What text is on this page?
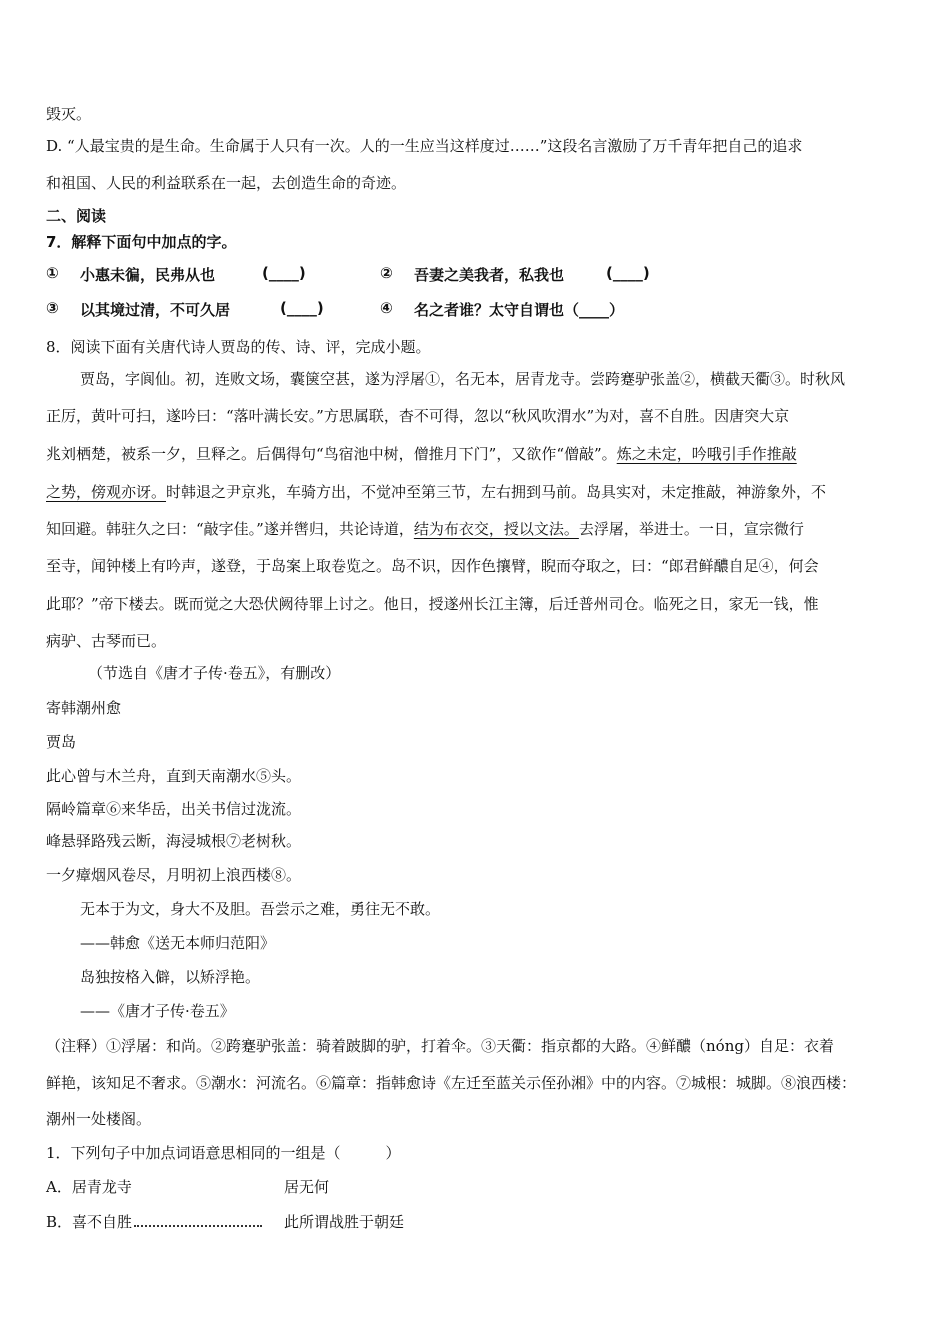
毁灭。
D. “人最宝贵的是生命。生命属于人只有一次。人的一生应当这样度过……”这段名言激励了万千青年把自己的追求
和祖国、人民的利益联系在一起，去创造生命的奇迹。
二、阅读
7．解释下面句中加点的字。
① 小惠未徧，民弗从也	(____)	② 吾妻之美我者，私我也	(____)
③ 以其境过清，不可久居	(____)	④ 名之者谁？太守自谓也（____）
8．阅读下面有关唐代诗人贾岛的传、诗、评，完成小题。
贾岛，字阆仙。初，连败文场，囊箧空甚，遂为浮屠①，名无本，居青龙寺。尝跨蹇驴张盖②，横截天衢③。时秋风
正厉，黄叶可扫，遂吟曰：“落叶满长安。”方思属联，杳不可得，忽以“秋风吹渭水”为对，喜不自胜。因唐突大京
兆刘栖楚，被系一夕，旦释之。后偶得句“鸟宿池中树，僧推月下门”，又欲作“僧敲”。炼之未定，吟哦引手作推敲
之势，傍观亦讶。时韩退之尹京兆，车骑方出，不觉冲至第三节，左右拥到马前。岛具实对，未定推敲，神游象外，不
知回避。韩驻久之曰：“敲字佳。”遂并辔归，共论诗道，结为布衣交，授以文法。去浮屠，举进士。一日，宣宗微行
至寺，闻钟楼上有吟声，遂登，于岛案上取卷览之。岛不识，因作色攘臂，睨而夺取之，曰：“郎君鲜醲自足④，何会
此耶？”帝下楼去。既而觉之大恐伏阙待罪上讨之。他日，授遂州长江主簿，后迁普州司仓。临死之日，家无一钱，惟
病驴、古琴而已。
（节选自《唐才子传·卷五》，有删改）
寄韩潮州愈
贾岛
此心曾与木兰舟，直到天南潮水⑤头。
隔岭篇章⑥来华岳，出关书信过泷流。
峰悬驿路残云断，海浸城根⑦老树秋。
一夕瘴烟风卷尽，月明初上浪西楼⑧。
无本于为文，身大不及胆。吾尝示之难，勇往无不敢。
——韩愈《送无本师归范阳》
岛独按格入僻，以矫浮艳。
——《唐才子传·卷五》
（注释）①浮屠：和尚。②跨蹇驴张盖：骑着跛脚的驴，打着伞。③天衢：指京都的大路。④鲜醲（nóng）自足：衣着
鲜艳，该知足不奢求。⑤潮水：河流名。⑥篇章：指韩愈诗《左迁至蓝关示侄孙湘》中的内容。⑦城根：城脚。⑧浪西楼：
潮州一处楼阁。
1．下列句子中加点词语意思相同的一组是（　　　）
A．居青龙寺	居无何
B．喜不自胜	此所谓战胜于朝廷
